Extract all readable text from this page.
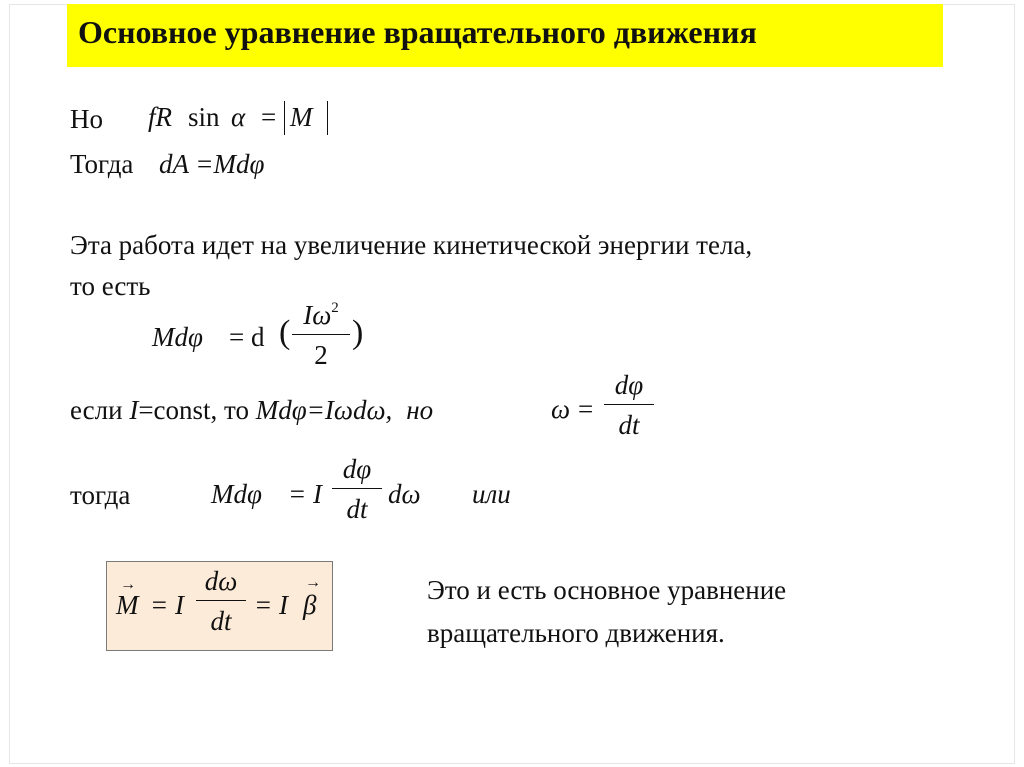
Основное уравнение вращательного движения
Но fR sin α = M
Тогда dA =Mdφ
Эта работа идет на увеличение кинетической энергии тела,
то есть
Mdφ = d ( $I\omega^2$
2
)
если I=const, то Mdφ=Iωdω, но	ω =
dφ
dt
тогда	Mdφ = I
dφ
dt dω или
→
M = I
dω
dt
= I
→
β	Это и есть основное уравнение
вращательного движения.
